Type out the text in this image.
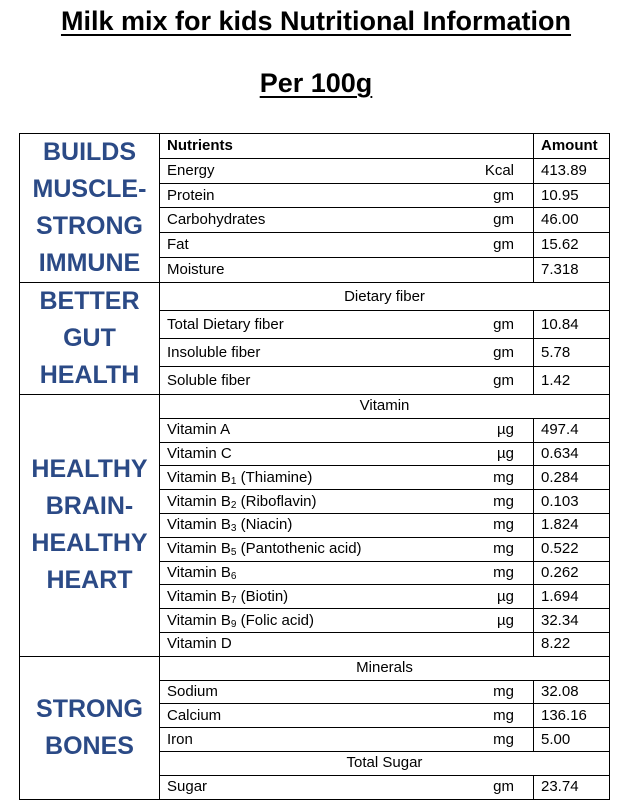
Milk mix for kids Nutritional Information
Per 100g
BUILDS
MUSCLE-
STRONG
IMMUNE	Nutrients		Amount
	Energy	Kcal	413.89
	Protein	gm	10.95
	Carbohydrates	gm	46.00
	Fat	gm	15.62
	Moisture		7.318

BETTER
GUT
HEALTH	Dietary fiber		
	Total Dietary fiber	gm	10.84
	Insoluble fiber	gm	5.78
	Soluble fiber	gm	1.42

HEALTHY
BRAIN-
HEALTHY
HEART	Vitamin		
	Vitamin A	µg	497.4
	Vitamin C	µg	0.634
	Vitamin $B_1$ (Thiamine)	mg	0.284
	Vitamin $B_2$ (Riboflavin)	mg	0.103
	Vitamin $B_3$ (Niacin)	mg	1.824
	Vitamin $B_5$ (Pantothenic acid)	mg	0.522
	Vitamin $B_6$	mg	0.262
	Vitamin $B_7$ (Biotin)	µg	1.694
	Vitamin $B_9$ (Folic acid)	µg	32.34
	Vitamin D		8.22

STRONG
BONES	Minerals		
	Sodium	mg	32.08
	Calcium	mg	136.16
	Iron	mg	5.00
	Total Sugar		
	Sugar	gm	23.74
